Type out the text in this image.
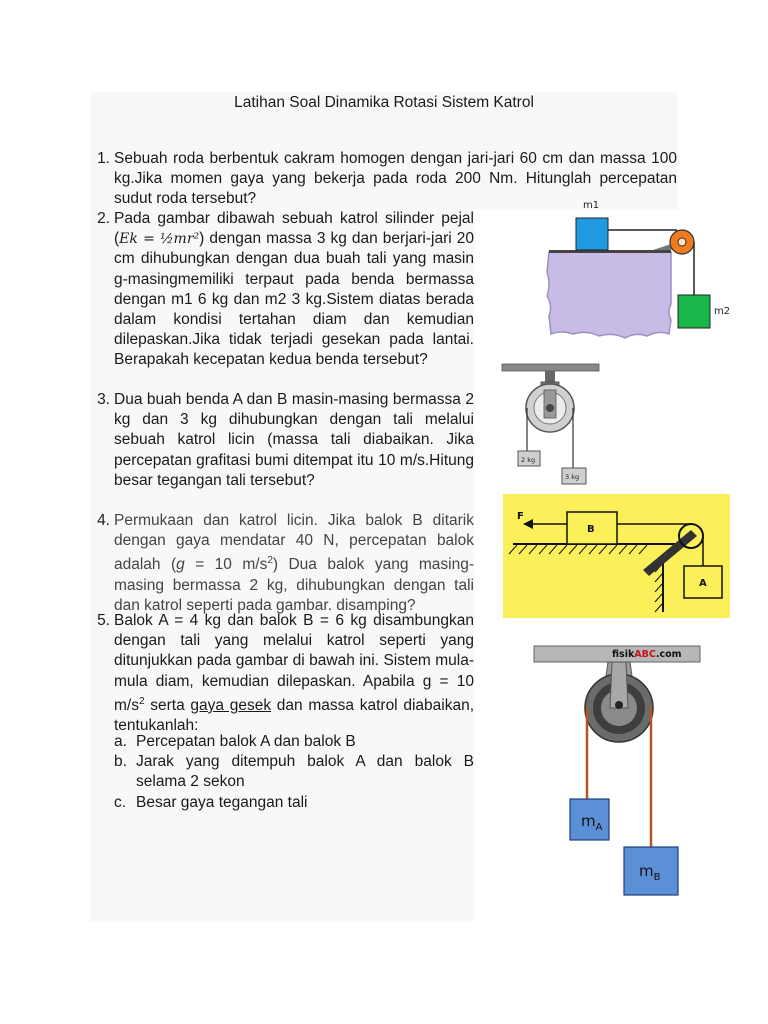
Latihan Soal Dinamika Rotasi Sistem Katrol
1. Sebuah roda berbentuk cakram homogen dengan jari-jari 60 cm dan massa 100 kg.Jika momen gaya yang bekerja pada roda 200 Nm. Hitunglah percepatan sudut roda tersebut?
2. Pada gambar dibawah sebuah katrol silinder pejal (Ek = ½mr²) dengan massa 3 kg dan berjari-jari 20 cm dihubungkan dengan dua buah tali yang masin g-masingmemiliki terpaut pada benda bermassa dengan m1 6 kg dan m2 3 kg.Sistem diatas berada dalam kondisi tertahan diam dan kemudian dilepaskan.Jika tidak terjadi gesekan pada lantai. Berapakah kecepatan kedua benda tersebut?
3. Dua buah benda A dan B masin-masing bermassa 2 kg dan 3 kg dihubungkan dengan tali melalui sebuah katrol licin (massa tali diabaikan. Jika percepatan grafitasi bumi ditempat itu 10 m/s.Hitung besar tegangan tali tersebut?
4. Permukaan dan katrol licin. Jika balok B ditarik dengan gaya mendatar 40 N, percepatan balok adalah (g = 10 $m/s^2$) Dua balok yang masing-masing bermassa 2 kg, dihubungkan dengan tali dan katrol seperti pada gambar. disamping?
5. Balok A = 4 kg dan balok B = 6 kg disambungkan dengan tali yang melalui katrol seperti yang ditunjukkan pada gambar di bawah ini. Sistem mula-mula diam, kemudian dilepaskan. Apabila g = 10 $m/s^2$ serta gaya gesek dan massa katrol diabaikan, tentukanlah:
a. Percepatan balok A dan balok B
b. Jarak yang ditempuh balok A dan balok B selama 2 sekon
c. Besar gaya tegangan tali
m1
m2
2 kg
3 kg
F
B
A
fisikABC.com
$m_A$
$m_B$
